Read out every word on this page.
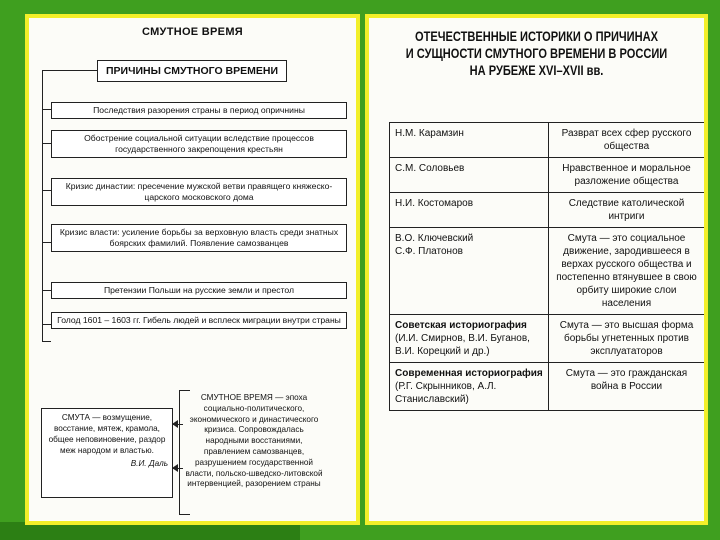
СМУТНОЕ ВРЕМЯ
ПРИЧИНЫ СМУТНОГО ВРЕМЕНИ
Последствия разорения страны в период опричнины
Обострение социальной ситуации вследствие процессов государственного закрепощения крестьян
Кризис династии: пресечение мужской ветви правящего княжеско-царского московского дома
Кризис власти: усиление борьбы за верховную власть среди знатных боярских фамилий. Появление самозванцев
Претензии Польши на русские земли и престол
Голод 1601 – 1603 гг. Гибель людей и всплеск миграции внутри страны
СМУТА — возмущение, восстание, мятеж, крамола, общее неповиновение, раздор меж народом и властью.
В.И. Даль
СМУТНОЕ ВРЕМЯ — эпоха социально-политического, экономического и династического кризиса. Сопровождалась народными восстаниями, правлением самозванцев, разрушением государственной власти, польско-шведско-литовской интервенцией, разорением страны
ОТЕЧЕСТВЕННЫЕ ИСТОРИКИ О ПРИЧИНАХ
И СУЩНОСТИ СМУТНОГО ВРЕМЕНИ В РОССИИ
НА РУБЕЖЕ XVI–XVII вв.
Н.М. Карамзин	Разврат всех сфер русского общества

С.М. Соловьев	Нравственное и моральное разложение общества

Н.И. Костомаров	Следствие католической интриги

В.О. Ключевский
С.Ф. Платонов	Смута — это социальное движение, зародившееся в верхах русского общества и постепенно втянувшее в свою орбиту широкие слои населения

Советская историография
(И.И. Смирнов, В.И. Буганов, В.И. Корецкий и др.)	Смута — это высшая форма борьбы угнетенных против эксплуататоров

Современная историография
(Р.Г. Скрынников, А.Л. Станиславский)	Смута — это гражданская война в России
